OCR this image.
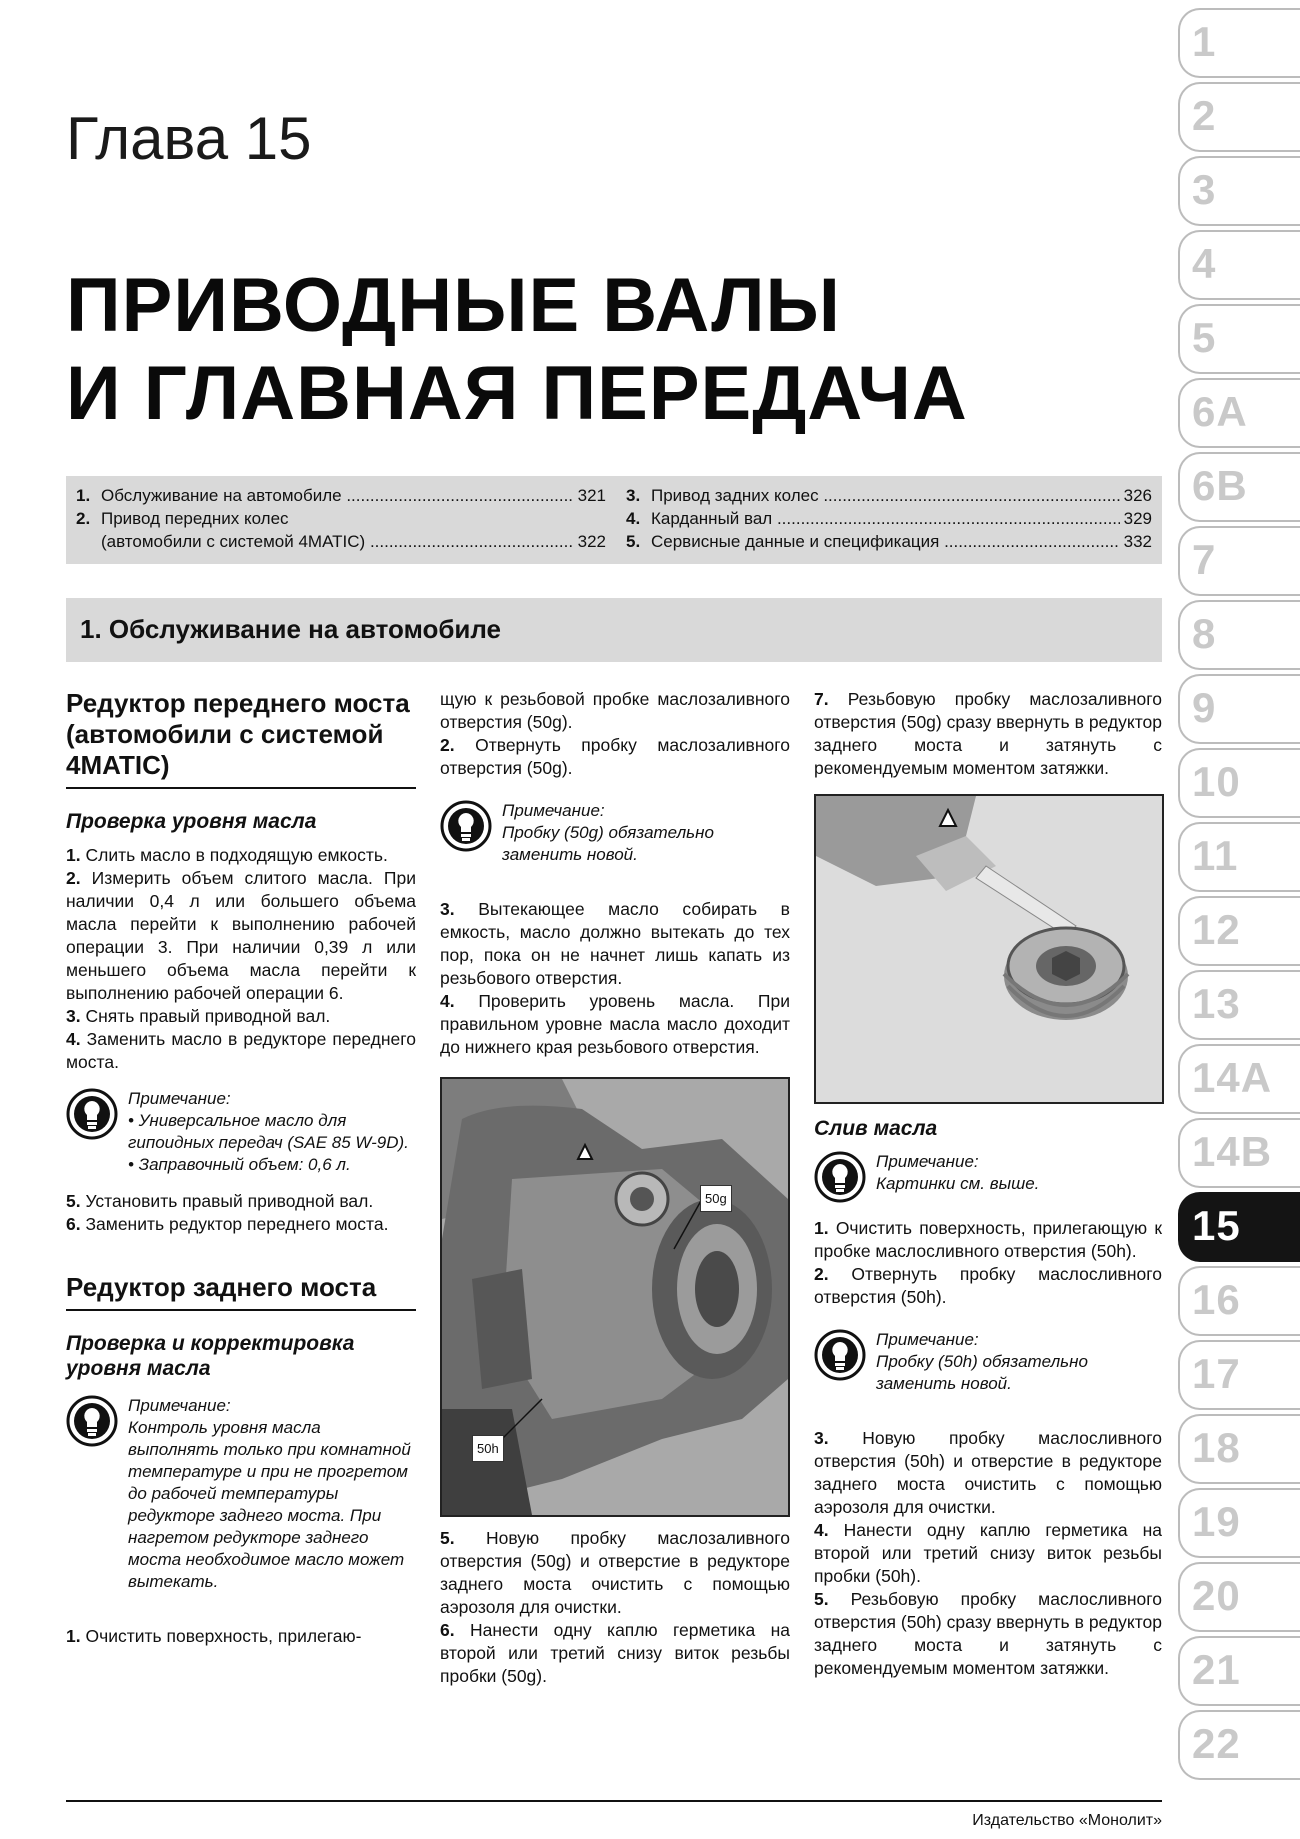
1
2
3
4
5
6A
6B
7
8
9
10
11
12
13
14A
14B
15
16
17
18
19
20
21
22
Глава 15
ПРИВОДНЫЕ ВАЛЫ
И ГЛАВНАЯ ПЕРЕДАЧА
1. Обслуживание на автомобиле .....	321
2. Привод передних колес
(автомобили с системой 4MATIC) .....	322
3. Привод задних колес .....	326
4. Карданный вал .....	329
5. Сервисные данные и спецификация .....	332
1. Обслуживание на автомобиле
Редуктор переднего моста (автомобили с системой 4MATIC)
Проверка уровня масла

1. Слить масло в подходящую емкость.

2. Измерить объем слитого масла. При наличии 0,4 л или большего объема масла перейти к выполнению рабочей операции 3. При наличии 0,39 л или меньшего объема масла перейти к выполнению рабочей операции 6.

3. Снять правый приводной вал.

4. Заменить масло в редукторе переднего моста.

Примечание:
• Универсальное масло для гипоидных передач (SAE 85 W-9D).
• Заправочный объем: 0,6 л.

5. Установить правый приводной вал.

6. Заменить редуктор переднего моста.

Редуктор заднего моста
Проверка и корректировка уровня масла
Примечание:
Контроль уровня масла выполнять только при комнатной температуре и при не прогретом до рабочей температуры редукторе заднего моста. При нагретом редукторе заднего моста необходимое масло может вытекать.

1. Очистить поверхность, прилегаю-

щую к резьбовой пробке маслозаливного отверстия (50g).

2. Отвернуть пробку маслозаливного отверстия (50g).

Примечание:
Пробку (50g) обязательно заменить новой.

3. Вытекающее масло собирать в емкость, масло должно вытекать до тех пор, пока он не начнет лишь капать из резьбового отверстия.

4. Проверить уровень масла. При правильном уровне масла масло доходит до нижнего края резьбового отверстия.

50g
50h

5. Новую пробку маслозаливного отверстия (50g) и отверстие в редукторе заднего моста очистить с помощью аэрозоля для очистки.

6. Нанести одну каплю герметика на второй или третий снизу виток резьбы пробки (50g).

7. Резьбовую пробку маслозаливного отверстия (50g) сразу ввернуть в редуктор заднего моста и затянуть с рекомендуемым моментом затяжки.

Слив масла
Примечание:
Картинки см. выше.

1. Очистить поверхность, прилегающую к пробке маслосливного отверстия (50h).

2. Отвернуть пробку маслосливного отверстия (50h).

Примечание:
Пробку (50h) обязательно заменить новой.

3. Новую пробку маслосливного отверстия (50h) и отверстие в редукторе заднего моста очистить с помощью аэрозоля для очистки.

4. Нанести одну каплю герметика на второй или третий снизу виток резьбы пробки (50h).

5. Резьбовую пробку маслосливного отверстия (50h) сразу ввернуть в редуктор заднего моста и затянуть с рекомендуемым моментом затяжки.

Издательство «Монолит»
